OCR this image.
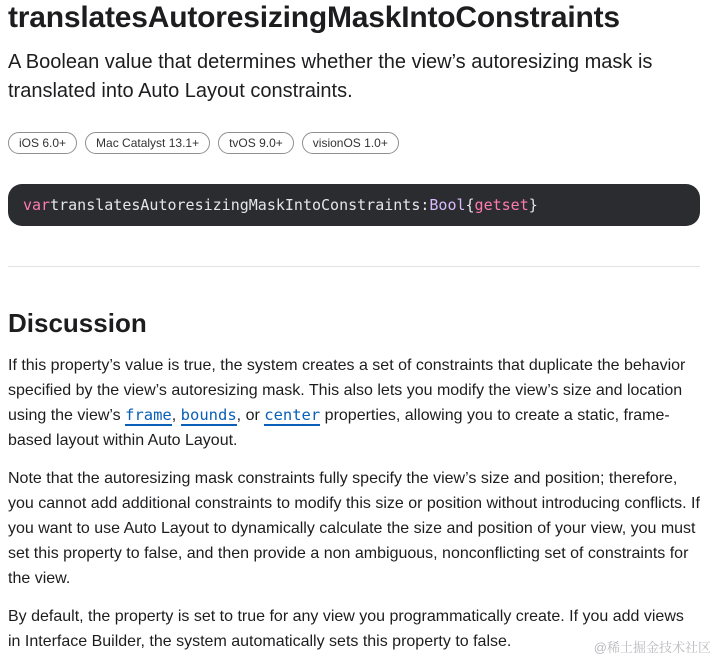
translatesAutoresizingMaskIntoConstraints

A Boolean value that determines whether the view’s autoresizing mask is translated into Auto Layout constraints.

iOS 6.0+	Mac Catalyst 13.1+	tvOS 9.0+	visionOS 1.0+
var translatesAutoresizingMaskIntoConstraints: Bool { get set }
Discussion

If this property’s value is true, the system creates a set of constraints that duplicate the behavior specified by the view’s autoresizing mask. This also lets you modify the view’s size and location using the view’s frame, bounds, or center properties, allowing you to create a static, frame-based layout within Auto Layout.

Note that the autoresizing mask constraints fully specify the view’s size and position; therefore, you cannot add additional constraints to modify this size or position without introducing conflicts. If you want to use Auto Layout to dynamically calculate the size and position of your view, you must set this property to false, and then provide a non ambiguous, nonconflicting set of constraints for the view.

By default, the property is set to true for any view you programmatically create. If you add views in Interface Builder, the system automatically sets this property to false.	@稀土掘金技术社区
